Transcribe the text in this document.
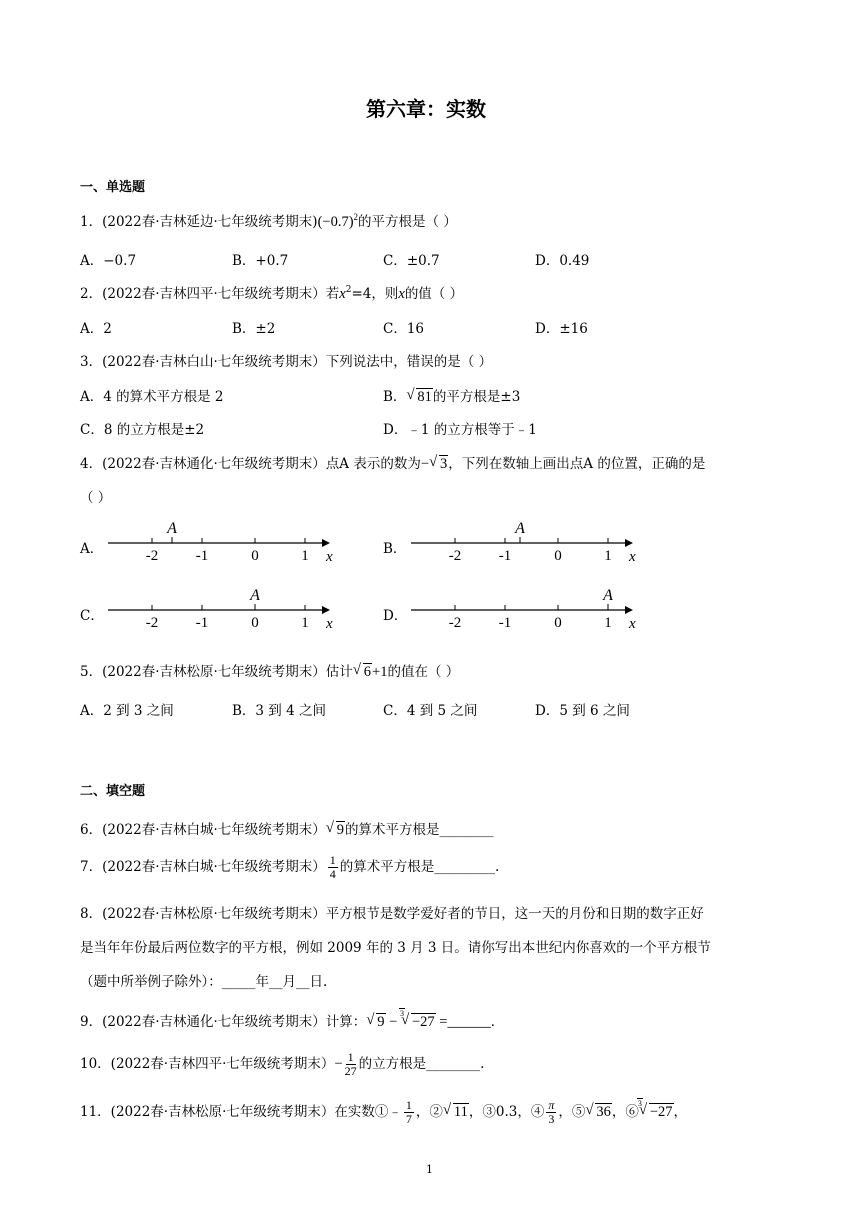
第六章：实数
一、单选题
1．(2022春·吉林延边·七年级统考期末)$(-0.7)^2$的平方根是（ ）
A．−0.7	B．+0.7	C．±0.7	D．0.49
2．(2022春·吉林四平·七年级统考期末）若$x^2=4$，则x的值（ ）
A．2	B．±2	C．16	D．±16
3．(2022春·吉林白山·七年级统考期末）下列说法中，错误的是（ ）
A．4 的算术平方根是 2	B． √ 81的平方根是±3
C．8 的立方根是±2	D．﹣1 的立方根等于﹣1
4．(2022春·吉林通化·七年级统考期末）点A 表示的数为− √ 3，下列在数轴上画出点A 的位置，正确的是
（ ）
A．	B．
C．	D．
-2	-1	0	1 x
A
-2	-1	0	1 x
A
-2	-1	0	1 x
A
-2	-1	0	1 x
A
5．(2022春·吉林松原·七年级统考期末）估计 √ 6+1的值在（ ）
A．2 到 3 之间	B．3 到 4 之间	C．4 到 5 之间	D．5 到 6 之间
二、填空题
6．(2022春·吉林白城·七年级统考期末） √ 9的算术平方根是________
7．(2022春·吉林白城·七年级统考期末） $\frac{1}{4}$ 的算术平方根是_________.
8．(2022春·吉林松原·七年级统考期末）平方根节是数学爱好者的节日，这一天的月份和日期的数字正好
是当年年份最后两位数字的平方根，例如 2009 年的 3 月 3 日。请你写出本世纪内你喜欢的一个平方根节
（题中所举例子除外）：_____年__月__日.
9．(2022春·吉林通化·七年级统考期末）计算： √ 9 −
√ 3
−27 =______.
10．(2022春·吉林四平·七年级统考期末）− $\frac{1}{27}$ 的立方根是________.
11．(2022春·吉林松原·七年级统考期末）在实数①﹣ $\frac{1}{7}$ ，② √ 11，③0.3，④ $\frac{\pi}{3}$ ，⑤ √ 36，⑥
√ 3
−27，
1
